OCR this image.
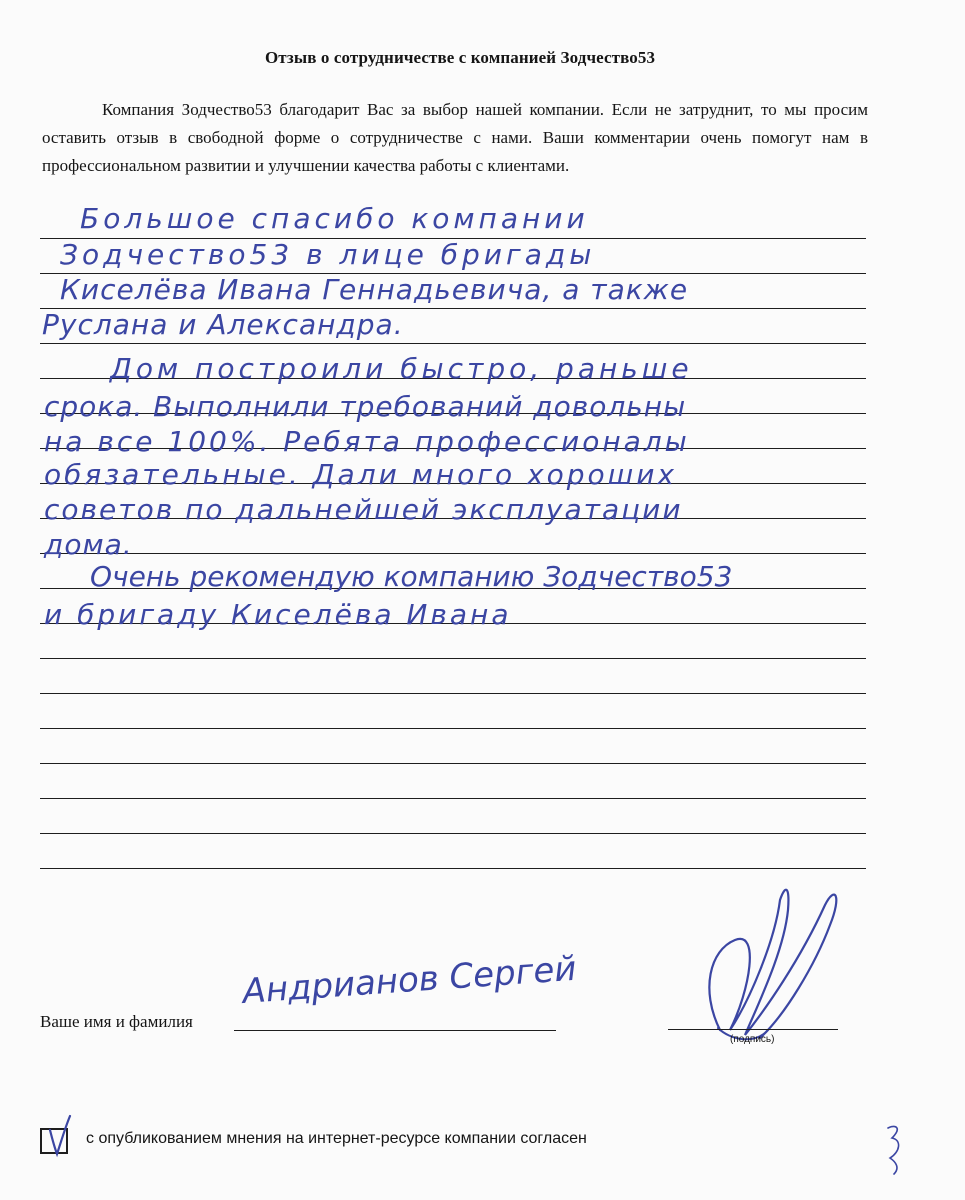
Отзыв о сотрудничестве с компанией Зодчество53
Компания Зодчество53 благодарит Вас за выбор нашей компании. Если не затруднит, то мы просим оставить отзыв в свободной форме о сотрудничестве с нами. Ваши комментарии очень помогут нам в профессиональном развитии и улучшении качества работы с клиентами.
Большое спасибо компании
Зодчество53 в лице бригады
Киселёва Ивана Геннадьевича, а также
Руслана и Александра.
Дом построили быстро, раньше
срока. Выполнили требований довольны
на все 100%. Ребята профессионалы
обязательные. Дали много хороших
советов по дальнейшей эксплуатации
дома.
Очень рекомендую компанию Зодчество53
и бригаду Киселёва Ивана
Ваше имя и фамилия
Андрианов Сергей
(подпись)
с опубликованием мнения на интернет-ресурсе компании согласен
